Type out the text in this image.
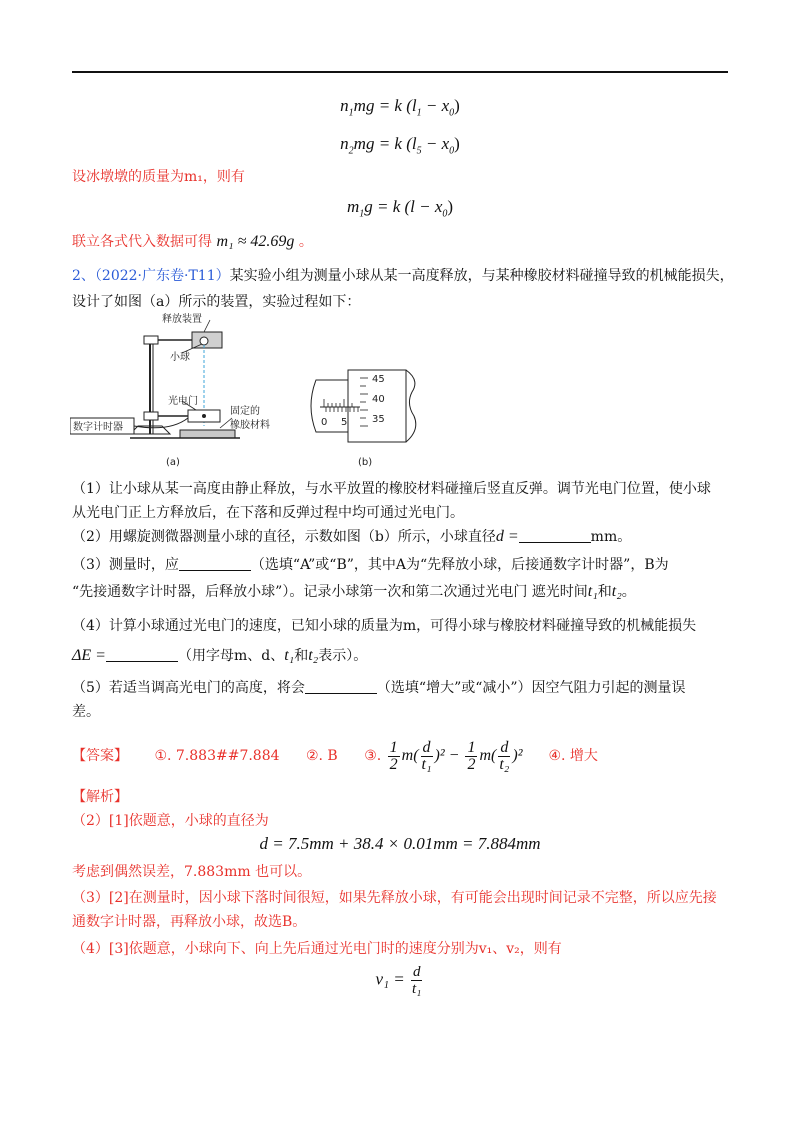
$n_1mg = k$ $(l_1 - x_0)$
$n_2mg = k$ $(l_5 - x_0)$
设冰墩墩的质量为m₁，则有
$m_1g = k$ $(l - x_0)$
联立各式代入数据可得 m₁ ≈ 42.69g 。
2、（2022·广东卷·T11）某实验小组为测量小球从某一高度释放，与某种橡胶材料碰撞导致的机械能损失，
设计了如图（a）所示的装置，实验过程如下：
释放装置
小球
光电门
数字计时器
固定的
橡胶材料
(a)
45
40
35
0 5
(b)
（1）让小球从某一高度由静止释放，与水平放置的橡胶材料碰撞后竖直反弹。调节光电门位置，使小球
从光电门正上方释放后，在下落和反弹过程中均可通过光电门。
（2）用螺旋测微器测量小球的直径，示数如图（b）所示，小球直径d =	mm。
（3）测量时，应	（选填“A”或“B”，其中A为“先释放小球，后接通数字计时器”，B为
“先接通数字计时器，后释放小球”）。记录小球第一次和第二次通过光电门 遮光时间t₁和t₂。
（4）计算小球通过光电门的速度，已知小球的质量为m，可得小球与橡胶材料碰撞导致的机械能损失
ΔE =	（用字母m、d、t₁和t₂表示）。
（5）若适当调高光电门的高度，将会	（选填“增大”或“减小”）因空气阻力引起的测量误
差。
【答案】 ①. 7.883##7.884 ②. B ③. $\frac{1}{2} m( \frac{d}{\text{t₁}} )^2 - \frac{1}{2} m( \frac{d}{\text{t₂}} )^2$ ④. 增大
【解析】
（2）[1]依题意，小球的直径为
d = 7.5mm + 38.4 × 0.01mm = 7.884mm
考虑到偶然误差，7.883mm 也可以。
（3）[2]在测量时，因小球下落时间很短，如果先释放小球，有可能会出现时间记录不完整，所以应先接
通数字计时器，再释放小球，故选B。
（4）[3]依题意，小球向下、向上先后通过光电门时的速度分别为v₁、v₂，则有
$v_1 = \frac{d}{\text{t₁}}$
